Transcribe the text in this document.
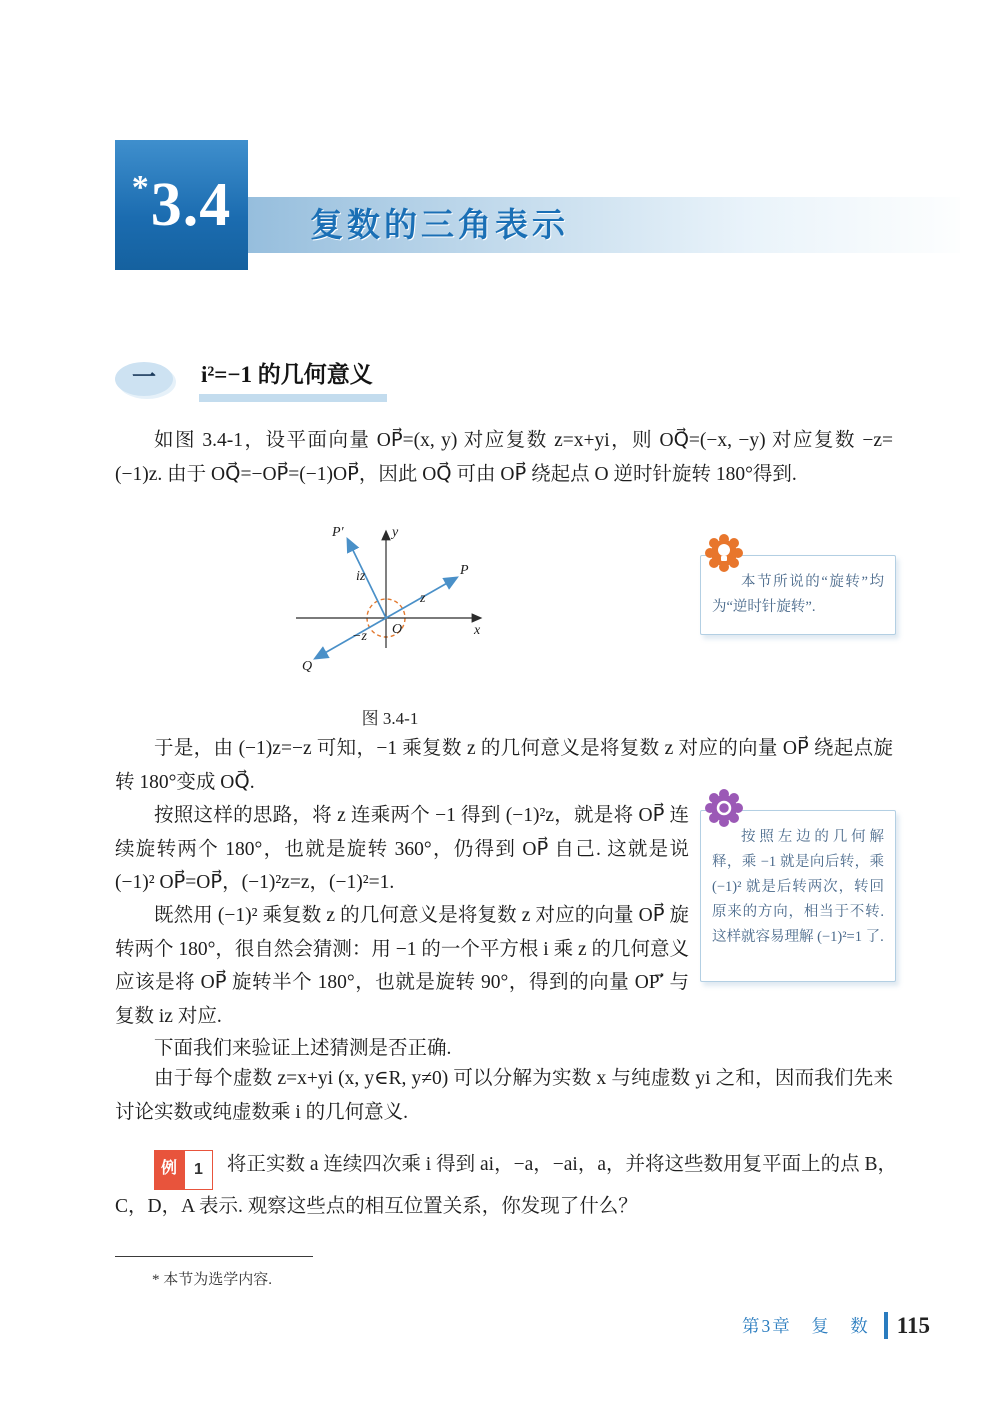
* 3.4	复数的三角表示
一	i²=−1 的几何意义

如图 3.4-1，设平面向量 OP⃗=(x, y) 对应复数 z=x+yi，则 OQ⃗=(−x, −y) 对应复数 −z=(−1)z. 由于 OQ⃗=−OP⃗=(−1)OP⃗，因此 OQ⃗ 可由 OP⃗ 绕起点 O 逆时针旋转 180°得到.

y
x
O
P
P′
Q
z
iz
−z
图 3.4-1

于是，由 (−1)z=−z 可知，−1 乘复数 z 的几何意义是将复数 z 对应的向量 OP⃗ 绕起点旋转 180°变成 OQ⃗.

按照这样的思路，将 z 连乘两个 −1 得到 (−1)²z，就是将 OP⃗ 连续旋转两个 180°，也就是旋转 360°，仍得到 OP⃗ 自己. 这就是说 (−1)² OP⃗=OP⃗，(−1)²z=z，(−1)²=1.

既然用 (−1)² 乘复数 z 的几何意义是将复数 z 对应的向量 OP⃗ 旋转两个 180°，很自然会猜测：用 −1 的一个平方根 i 乘 z 的几何意义应该是将 OP⃗ 旋转半个 180°，也就是旋转 90°，得到的向量 OP′⃗ 与复数 iz 对应.

下面我们来验证上述猜测是否正确.

由于每个虚数 z=x+yi (x, y∈R, y≠0) 可以分解为实数 x 与纯虚数 yi 之和，因而我们先来讨论实数或纯虚数乘 i 的几何意义.

本节所说的“旋转”均为“逆时针旋转”.

按照左边的几何解释，乘 −1 就是向后转，乘 (−1)² 就是后转两次，转回原来的方向，相当于不转. 这样就容易理解 (−1)²=1 了.

例	1	将正实数 a 连续四次乘 i 得到 ai，−a，−ai，a，并将这些数用复平面上的点 B，C，D，A 表示. 观察这些点的相互位置关系，你发现了什么？

* 本节为选学内容.

第3章　复　数 115
